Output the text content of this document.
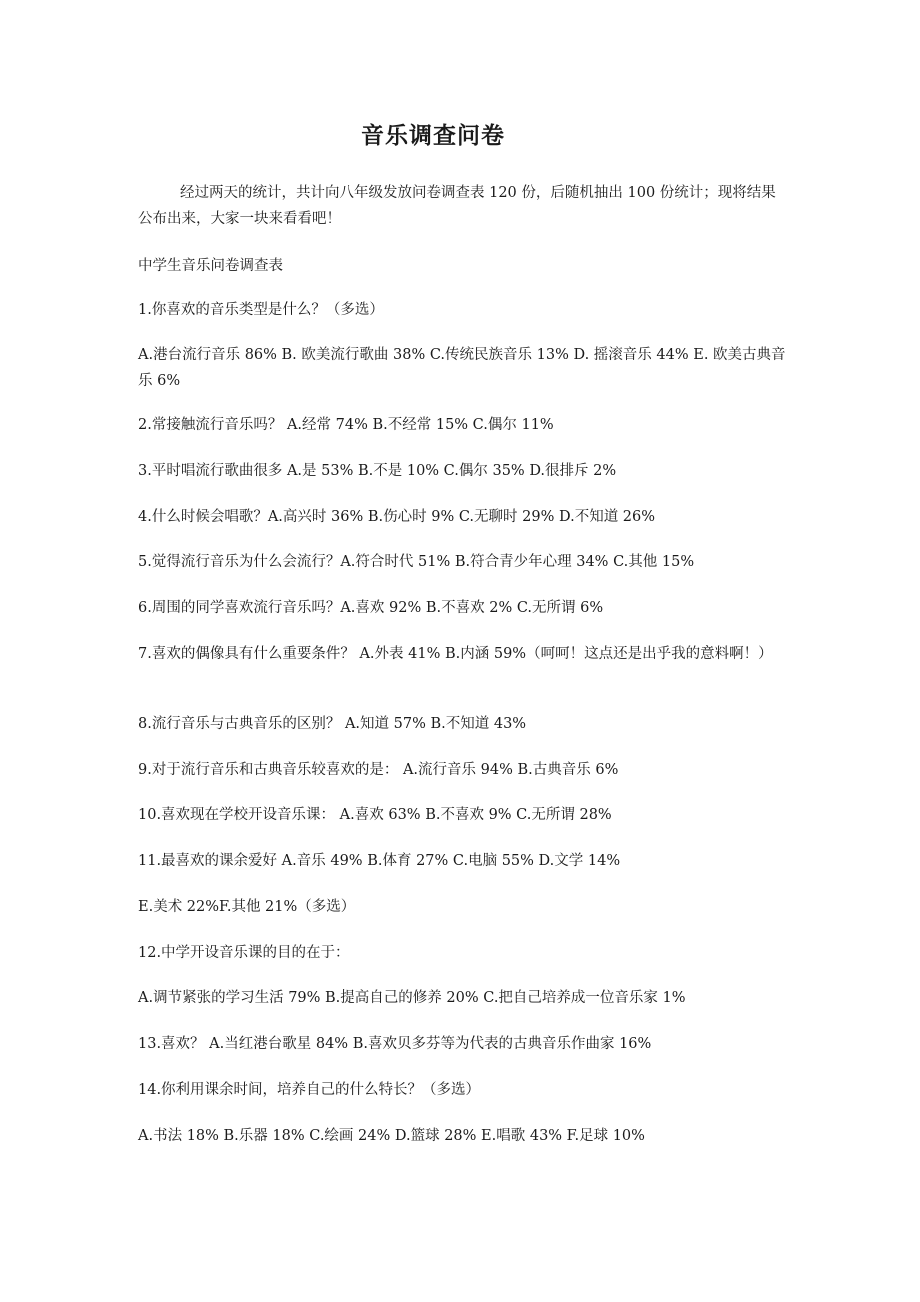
音乐调查问卷

经过两天的统计，共计向八年级发放问卷调查表 120 份，后随机抽出 100 份统计；现将结果公布出来，大家一块来看看吧！

中学生音乐问卷调查表

1.你喜欢的音乐类型是什么？（多选）

A.港台流行音乐 86% B. 欧美流行歌曲 38% C.传统民族音乐 13% D. 摇滚音乐 44% E. 欧美古典音乐 6%

2.常接触流行音乐吗？ A.经常 74% B.不经常 15% C.偶尔 11%

3.平时唱流行歌曲很多 A.是 53% B.不是 10% C.偶尔 35% D.很排斥 2%

4.什么时候会唱歌？A.高兴时 36% B.伤心时 9% C.无聊时 29% D.不知道 26%

5.觉得流行音乐为什么会流行？A.符合时代 51% B.符合青少年心理 34% C.其他 15%

6.周围的同学喜欢流行音乐吗？A.喜欢 92% B.不喜欢 2% C.无所谓 6%

7.喜欢的偶像具有什么重要条件？ A.外表 41% B.内涵 59%（呵呵！这点还是出乎我的意料啊！）

8.流行音乐与古典音乐的区别？ A.知道 57% B.不知道 43%

9.对于流行音乐和古典音乐较喜欢的是： A.流行音乐 94% B.古典音乐 6%

10.喜欢现在学校开设音乐课： A.喜欢 63% B.不喜欢 9% C.无所谓 28%

11.最喜欢的课余爱好 A.音乐 49% B.体育 27% C.电脑 55% D.文学 14%

E.美术 22%F.其他 21%（多选）

12.中学开设音乐课的目的在于：

A.调节紧张的学习生活 79% B.提高自己的修养 20% C.把自己培养成一位音乐家 1%

13.喜欢？ A.当红港台歌星 84% B.喜欢贝多芬等为代表的古典音乐作曲家 16%

14.你利用课余时间，培养自己的什么特长？（多选）

A.书法 18% B.乐器 18% C.绘画 24% D.篮球 28% E.唱歌 43% F.足球 10%
